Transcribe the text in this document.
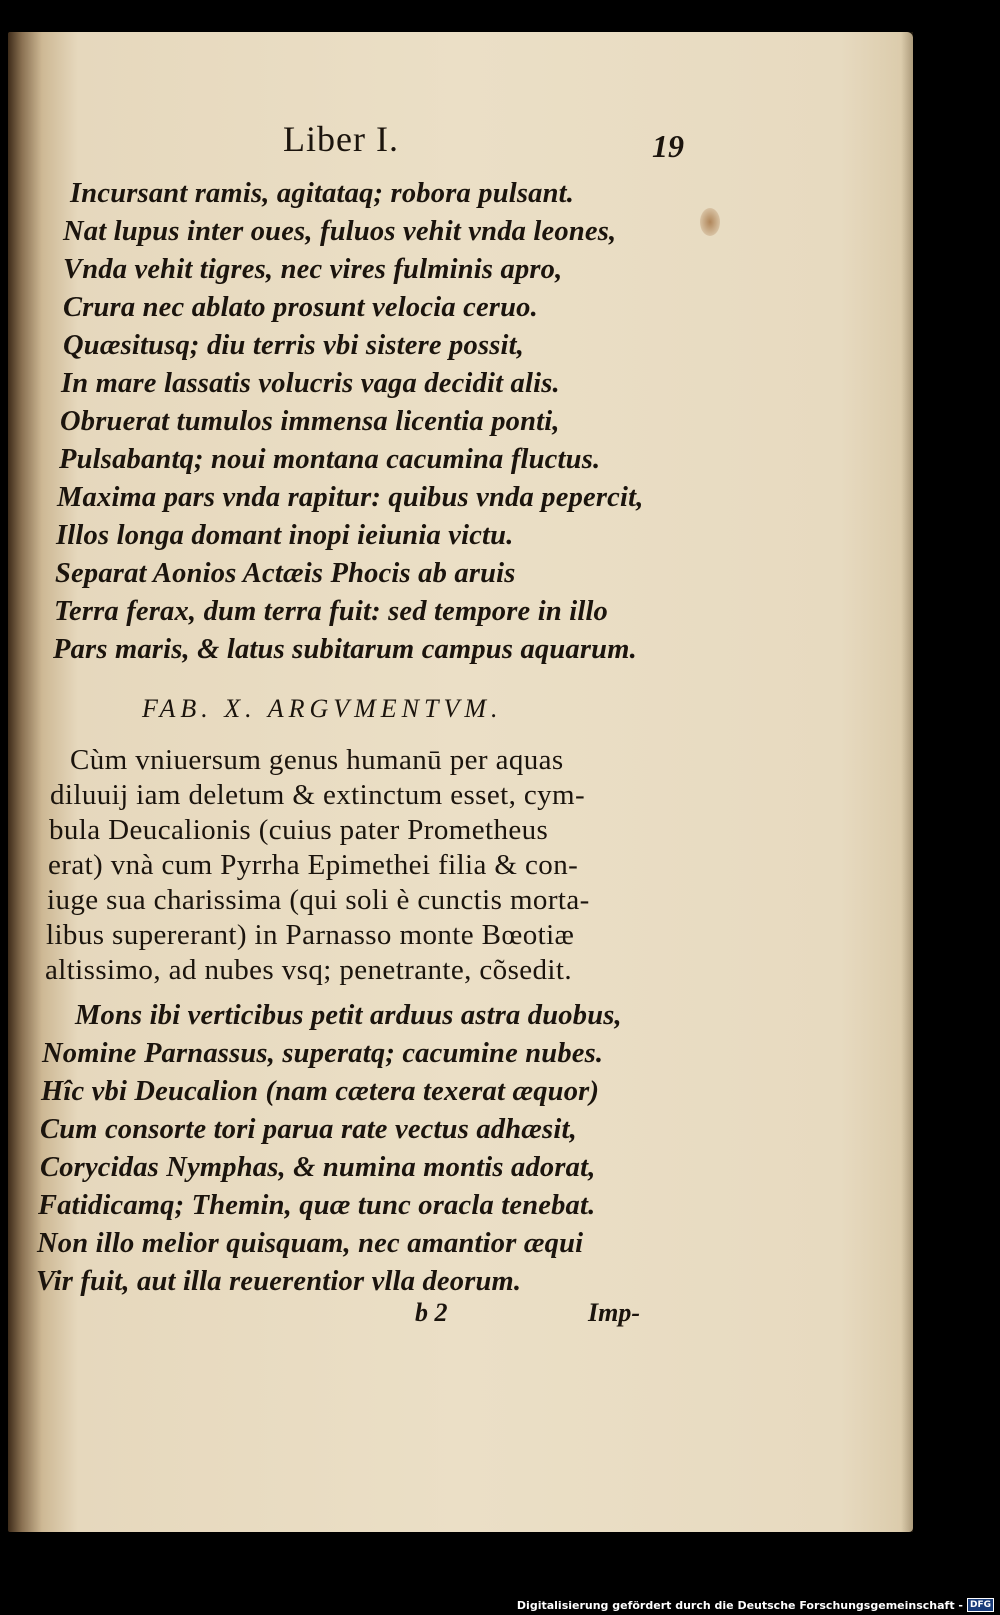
Liber I.	19
Incursant ramis, agitataq; robora pulsant.
Nat lupus inter oues, fuluos vehit vnda leones,
Vnda vehit tigres, nec vires fulminis apro,
Crura nec ablato prosunt velocia ceruo.
Quæsitusq; diu terris vbi sistere possit,
In mare lassatis volucris vaga decidit alis.
Obruerat tumulos immensa licentia ponti,
Pulsabantq; noui montana cacumina fluctus.
Maxima pars vnda rapitur: quibus vnda pepercit,
Illos longa domant inopi ieiunia victu.
Separat Aonios Actæis Phocis ab aruis
Terra ferax, dum terra fuit: sed tempore in illo
Pars maris, & latus subitarum campus aquarum.
FAB. X. ARGVMENTVM.
Cùm vniuersum genus humanū per aquas
diluuij iam deletum & extinctum esset, cym-
bula Deucalionis (cuius pater Prometheus
erat) vnà cum Pyrrha Epimethei filia & con-
iuge sua charissima (qui soli è cunctis morta-
libus supererant) in Parnasso monte Bœotiæ
altissimo, ad nubes vsq; penetrante, cõsedit.
Mons ibi verticibus petit arduus astra duobus,
Nomine Parnassus, superatq; cacumine nubes.
Hîc vbi Deucalion (nam cætera texerat æquor)
Cum consorte tori parua rate vectus adhæsit,
Corycidas Nymphas, & numina montis adorat,
Fatidicamq; Themin, quæ tunc oracla tenebat.
Non illo melior quisquam, nec amantior æqui
Vir fuit, aut illa reuerentior vlla deorum.
b 2	Imp-
Digitalisierung gefördert durch die Deutsche Forschungsgemeinschaft - DFG
